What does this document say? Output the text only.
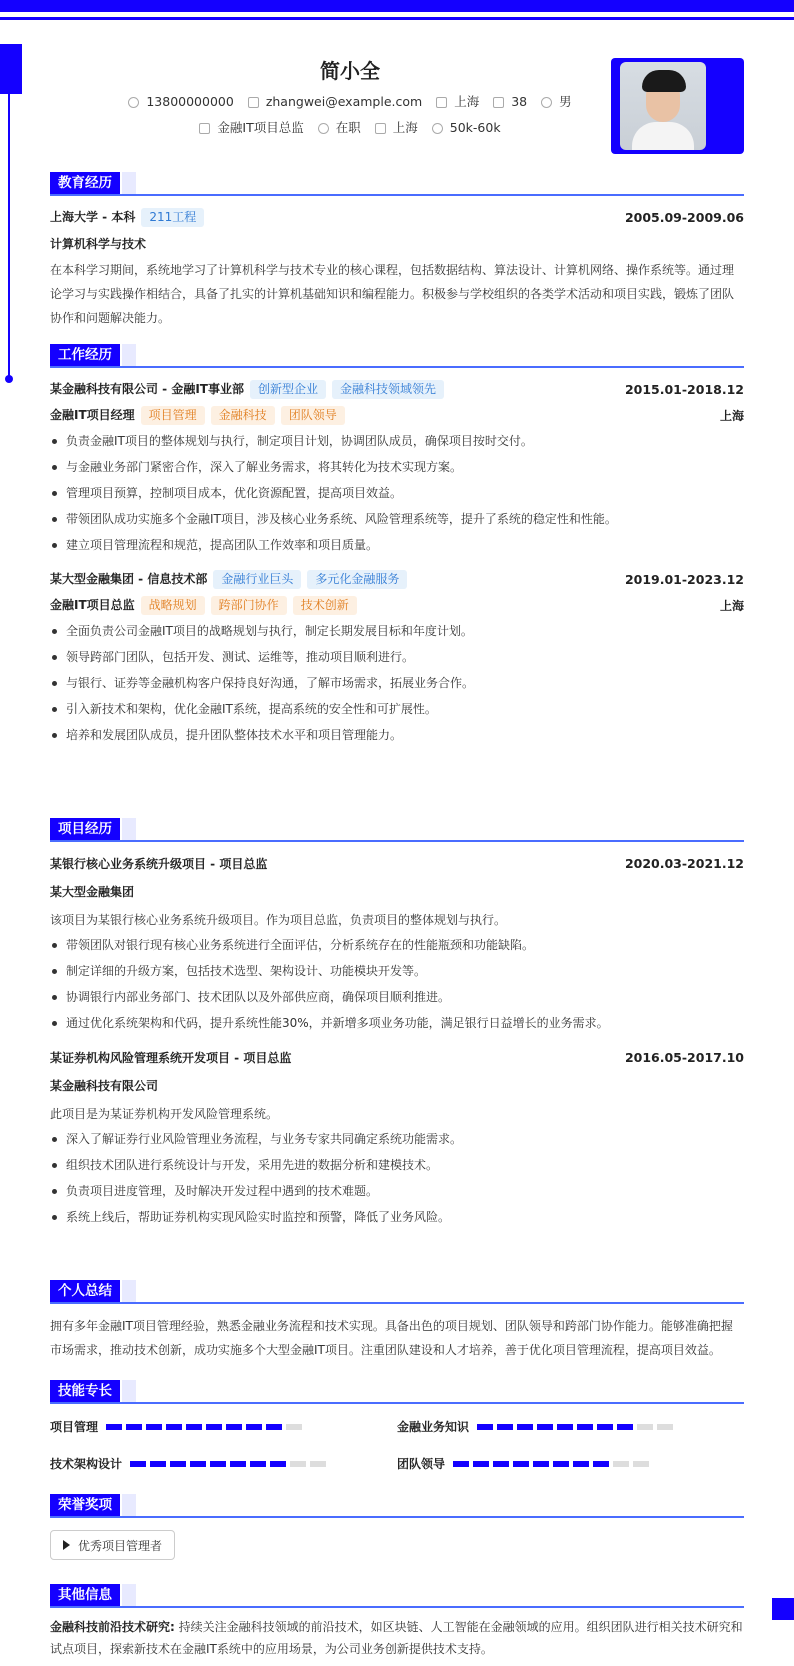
简小全
13800000000	zhangwei@example.com	上海	38	男
金融IT项目总监	在职	上海	50k-60k
教育经历
上海大学 - 本科 211工程	2005.09-2009.06
计算机科学与技术

在本科学习期间，系统地学习了计算机科学与技术专业的核心课程，包括数据结构、算法设计、计算机网络、操作系统等。通过理论学习与实践操作相结合，具备了扎实的计算机基础知识和编程能力。积极参与学校组织的各类学术活动和项目实践，锻炼了团队协作和问题解决能力。

工作经历
某金融科技有限公司 - 金融IT事业部 创新型企业 金融科技领域领先	2015.01-2018.12
金融IT项目经理 项目管理 金融科技 团队领导	上海
负责金融IT项目的整体规划与执行，制定项目计划，协调团队成员，确保项目按时交付。
与金融业务部门紧密合作，深入了解业务需求，将其转化为技术实现方案。
管理项目预算，控制项目成本，优化资源配置，提高项目效益。
带领团队成功实施多个金融IT项目，涉及核心业务系统、风险管理系统等，提升了系统的稳定性和性能。
建立项目管理流程和规范，提高团队工作效率和项目质量。
某大型金融集团 - 信息技术部 金融行业巨头 多元化金融服务	2019.01-2023.12
金融IT项目总监 战略规划 跨部门协作 技术创新	上海
全面负责公司金融IT项目的战略规划与执行，制定长期发展目标和年度计划。
领导跨部门团队，包括开发、测试、运维等，推动项目顺利进行。
与银行、证券等金融机构客户保持良好沟通，了解市场需求，拓展业务合作。
引入新技术和架构，优化金融IT系统，提高系统的安全性和可扩展性。
培养和发展团队成员，提升团队整体技术水平和项目管理能力。
项目经历
某银行核心业务系统升级项目 - 项目总监	2020.03-2021.12
某大型金融集团

该项目为某银行核心业务系统升级项目。作为项目总监，负责项目的整体规划与执行。

带领团队对银行现有核心业务系统进行全面评估，分析系统存在的性能瓶颈和功能缺陷。
制定详细的升级方案，包括技术选型、架构设计、功能模块开发等。
协调银行内部业务部门、技术团队以及外部供应商，确保项目顺利推进。
通过优化系统架构和代码，提升系统性能30%，并新增多项业务功能，满足银行日益增长的业务需求。
某证券机构风险管理系统开发项目 - 项目总监	2016.05-2017.10
某金融科技有限公司

此项目是为某证券机构开发风险管理系统。

深入了解证券行业风险管理业务流程，与业务专家共同确定系统功能需求。
组织技术团队进行系统设计与开发，采用先进的数据分析和建模技术。
负责项目进度管理，及时解决开发过程中遇到的技术难题。
系统上线后，帮助证券机构实现风险实时监控和预警，降低了业务风险。
个人总结

拥有多年金融IT项目管理经验，熟悉金融业务流程和技术实现。具备出色的项目规划、团队领导和跨部门协作能力。能够准确把握市场需求，推动技术创新，成功实施多个大型金融IT项目。注重团队建设和人才培养，善于优化项目管理流程，提高项目效益。

技能专长
项目管理	金融业务知识
技术架构设计	团队领导
荣誉奖项
优秀项目管理者
其他信息

金融科技前沿技术研究: 持续关注金融科技领域的前沿技术，如区块链、人工智能在金融领域的应用。组织团队进行相关技术研究和试点项目，探索新技术在金融IT系统中的应用场景，为公司业务创新提供技术支持。
